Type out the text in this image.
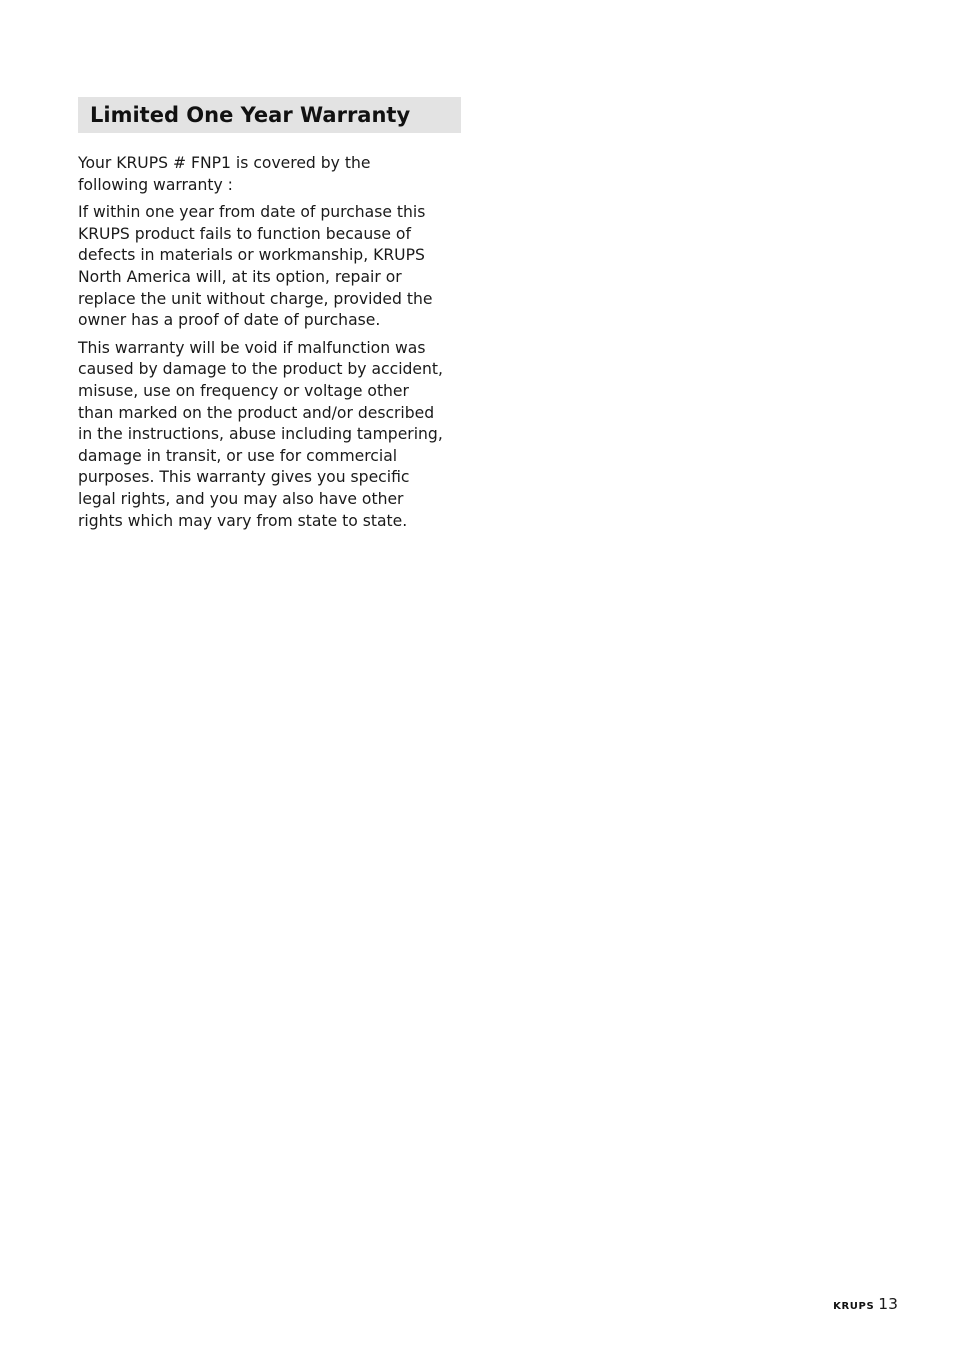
Limited One Year Warranty

Your KRUPS # FNP1 is covered by the
following warranty :

If within one year from date of purchase this
KRUPS product fails to function because of
defects in materials or workmanship, KRUPS
North America will, at its option, repair or
replace the unit without charge, provided the
owner has a proof of date of purchase.

This warranty will be void if malfunction was
caused by damage to the product by accident,
misuse, use on frequency or voltage other
than marked on the product and/or described
in the instructions, abuse including tampering,
damage in transit, or use for commercial
purposes. This warranty gives you specific
legal rights, and you may also have other
rights which may vary from state to state.

KRUPS 13
